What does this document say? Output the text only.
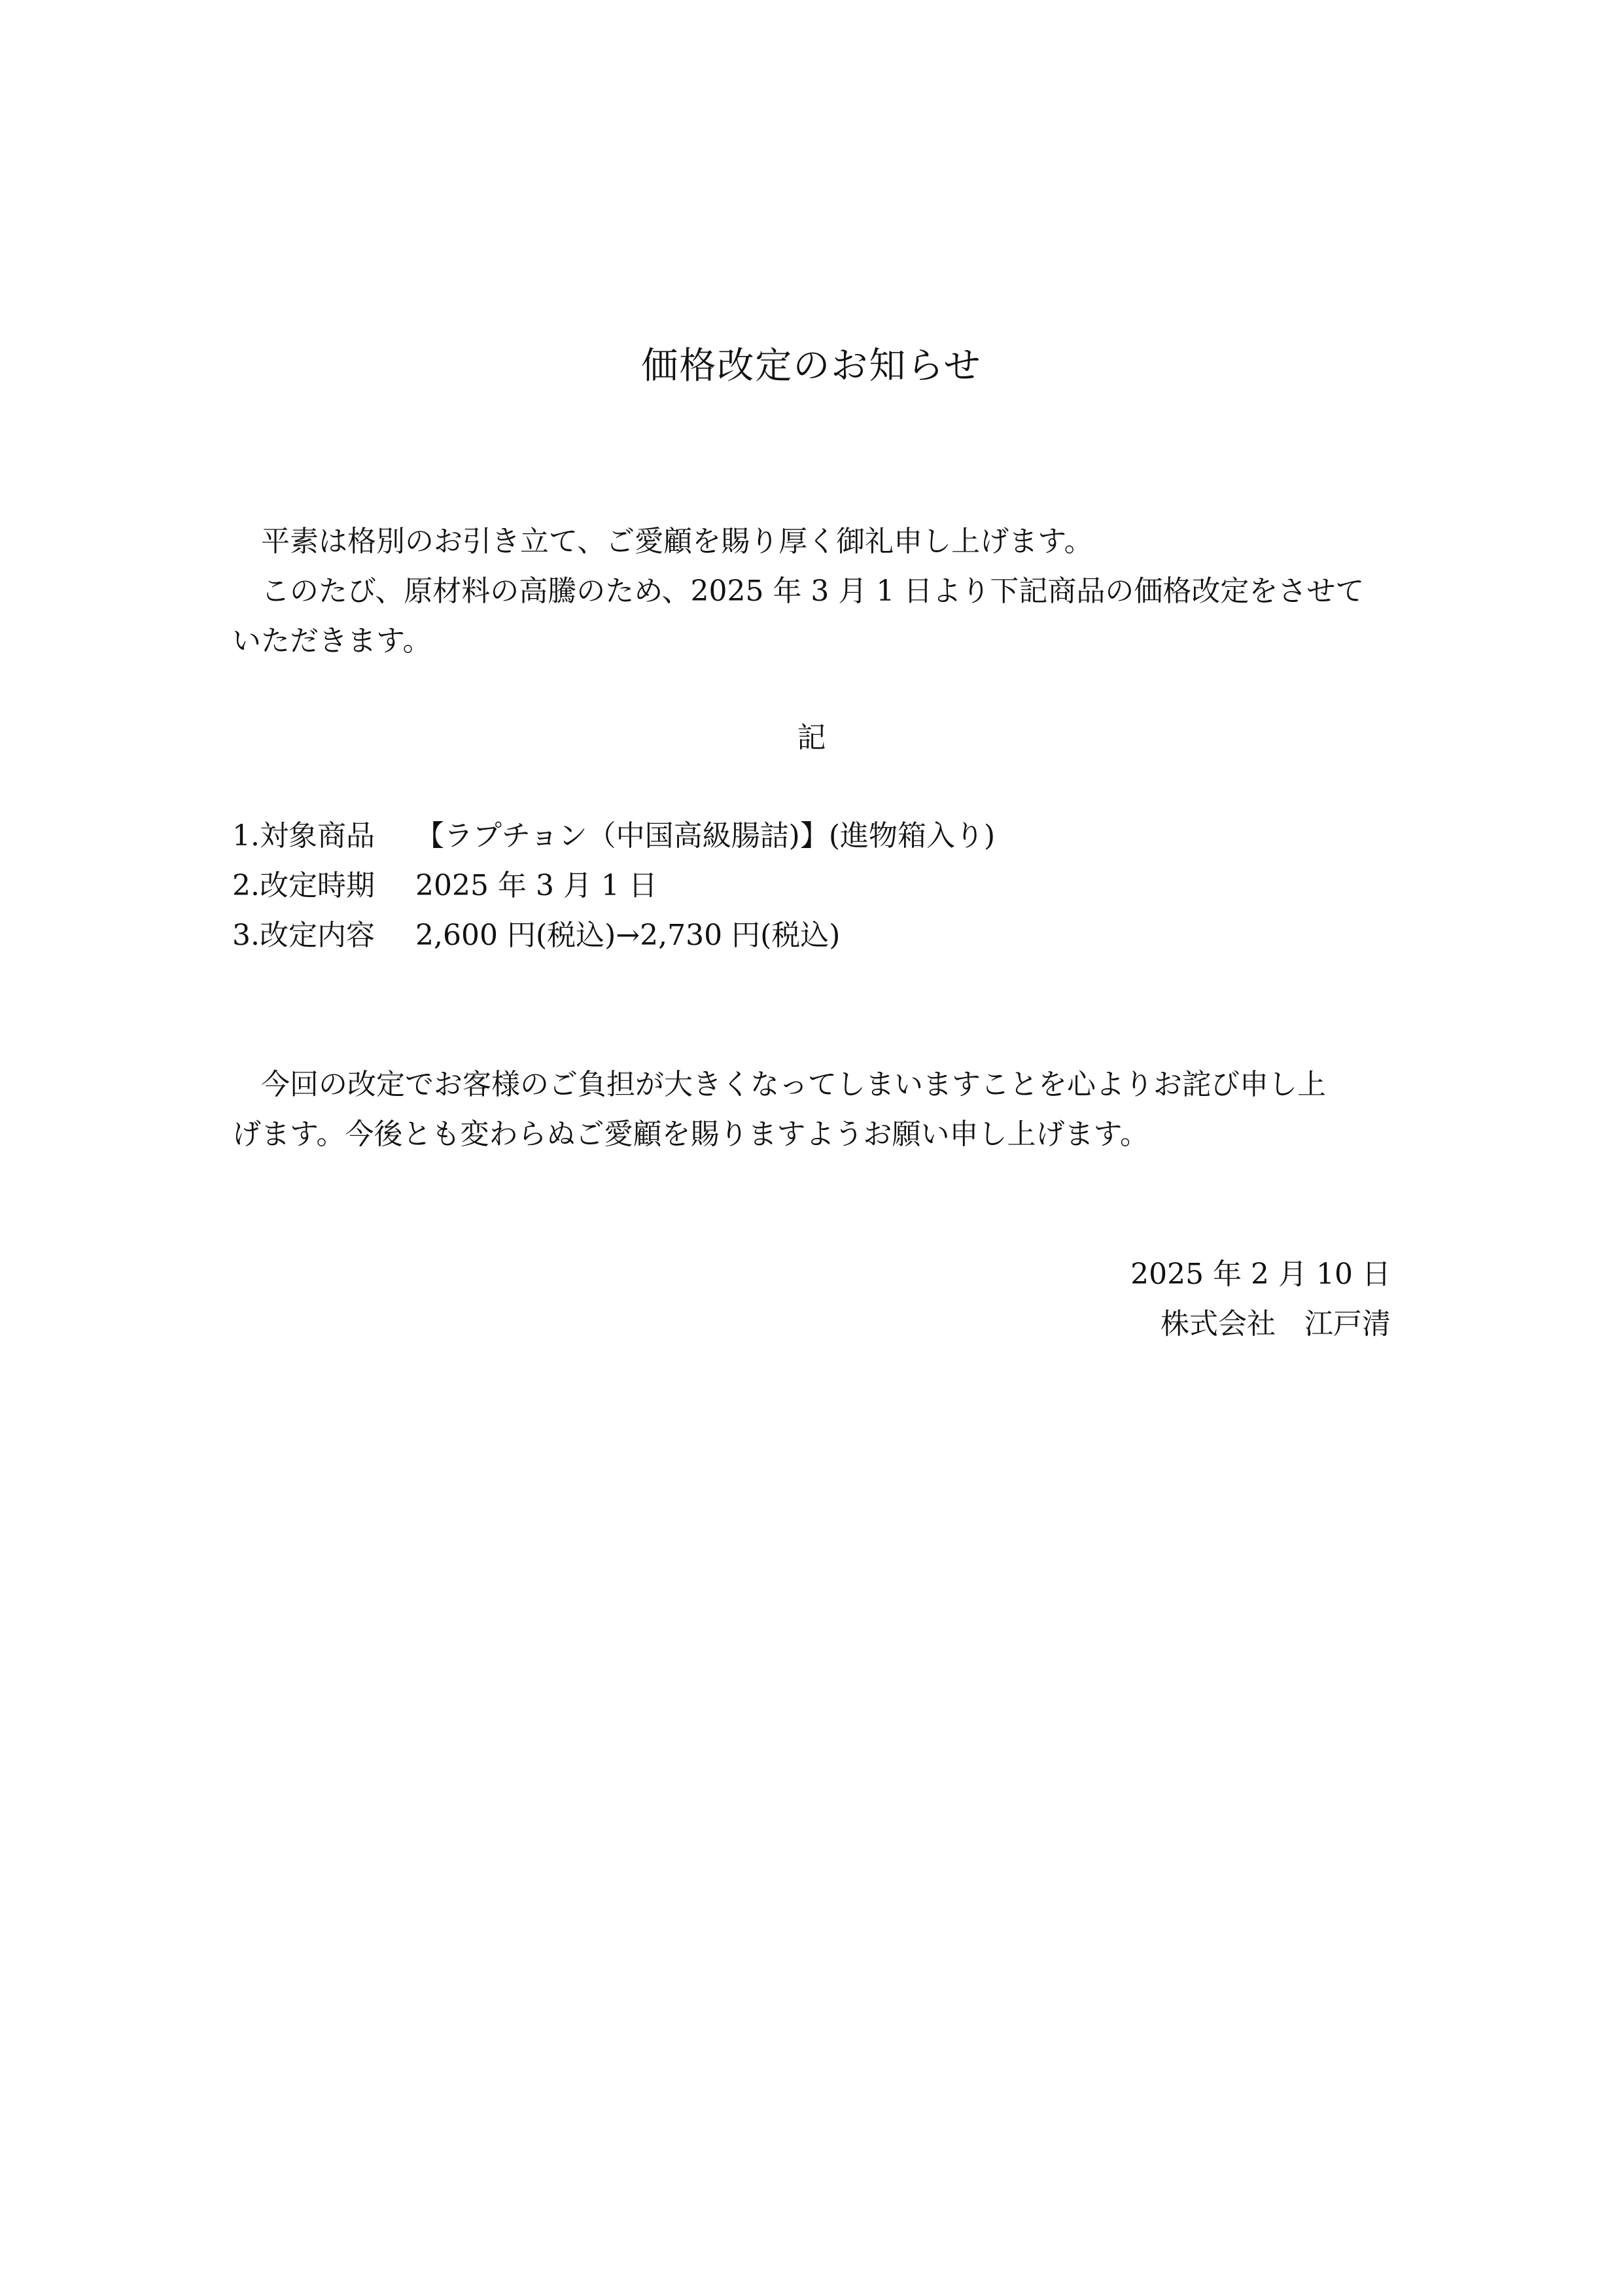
価格改定のお知らせ
平素は格別のお引き立て、ご愛顧を賜り厚く御礼申し上げます。
このたび、原材料の高騰のため、2025 年 3 月 1 日より下記商品の価格改定をさせて
いただきます。
記
1.対象商品 【ラプチョン（中国高級腸詰)】(進物箱入り)
2.改定時期 2025 年 3 月 1 日
3.改定内容 2,600 円(税込)→2,730 円(税込)
今回の改定でお客様のご負担が大きくなってしまいますことを心よりお詫び申し上
げます。今後とも変わらぬご愛顧を賜りますようお願い申し上げます。
2025 年 2 月 10 日
株式会社　江戸清
